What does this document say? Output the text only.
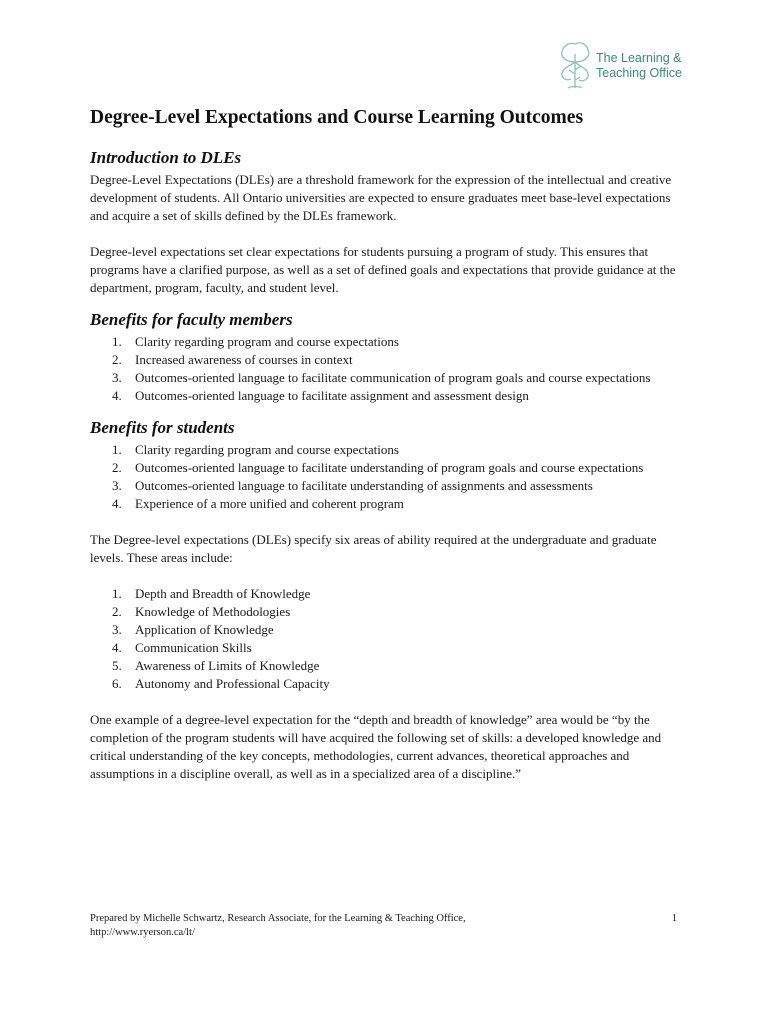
The Learning &
Teaching Office
Degree-Level Expectations and Course Learning Outcomes
Introduction to DLEs

Degree-Level Expectations (DLEs) are a threshold framework for the expression of the intellectual and creative development of students. All Ontario universities are expected to ensure graduates meet base-level expectations and acquire a set of skills defined by the DLEs framework.

Degree-level expectations set clear expectations for students pursuing a program of study. This ensures that programs have a clarified purpose, as well as a set of defined goals and expectations that provide guidance at the department, program, faculty, and student level.

Benefits for faculty members
1. Clarity regarding program and course expectations
2. Increased awareness of courses in context
3. Outcomes-oriented language to facilitate communication of program goals and course expectations
4. Outcomes-oriented language to facilitate assignment and assessment design
Benefits for students
1. Clarity regarding program and course expectations
2. Outcomes-oriented language to facilitate understanding of program goals and course expectations
3. Outcomes-oriented language to facilitate understanding of assignments and assessments
4. Experience of a more unified and coherent program

The Degree-level expectations (DLEs) specify six areas of ability required at the undergraduate and graduate levels. These areas include:

1. Depth and Breadth of Knowledge
2. Knowledge of Methodologies
3. Application of Knowledge
4. Communication Skills
5. Awareness of Limits of Knowledge
6. Autonomy and Professional Capacity

One example of a degree-level expectation for the “depth and breadth of knowledge” area would be “by the completion of the program students will have acquired the following set of skills: a developed knowledge and critical understanding of the key concepts, methodologies, current advances, theoretical approaches and assumptions in a discipline overall, as well as in a specialized area of a discipline.”

Prepared by Michelle Schwartz, Research Associate, for the Learning & Teaching Office,
http://www.ryerson.ca/lt/
1
